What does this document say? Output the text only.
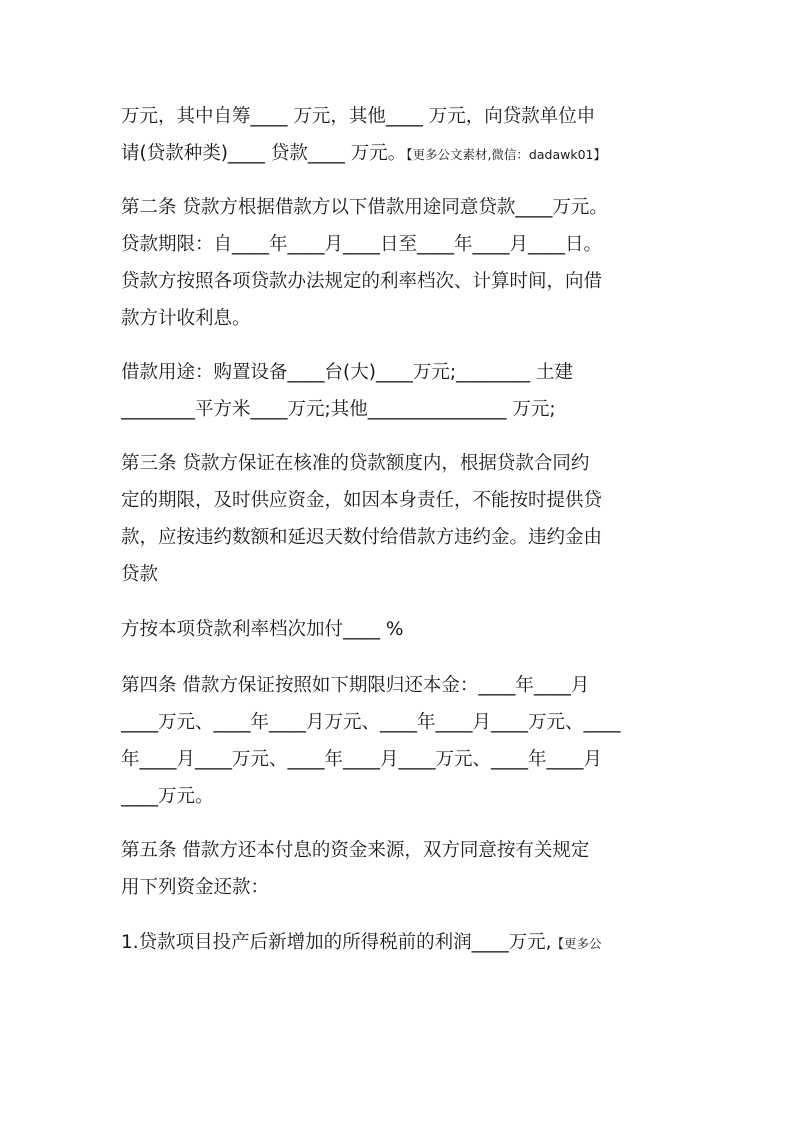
万元，其中自筹____ 万元，其他____ 万元，向贷款单位申
请(贷款种类)____ 贷款____ 万元。【更多公文素材,微信：dadawk01】
第二条 贷款方根据借款方以下借款用途同意贷款____万元。
贷款期限：自____年____月____日至____年____月____日。
贷款方按照各项贷款办法规定的利率档次、计算时间，向借
款方计收利息。
借款用途：购置设备____台(大)____万元;________ 土建
________平方米____万元;其他_______________ 万元;
第三条 贷款方保证在核准的贷款额度内，根据贷款合同约
定的期限，及时供应资金，如因本身责任，不能按时提供贷
款，应按违约数额和延迟天数付给借款方违约金。违约金由
贷款
方按本项贷款利率档次加付____ %
第四条 借款方保证按照如下期限归还本金：____年____月
____万元、____年____月万元、____年____月____万元、____
年____月____万元、____年____月____万元、____年____月
____万元。
第五条 借款方还本付息的资金来源，双方同意按有关规定
用下列资金还款：
1.贷款项目投产后新增加的所得税前的利润____万元,【更多公
